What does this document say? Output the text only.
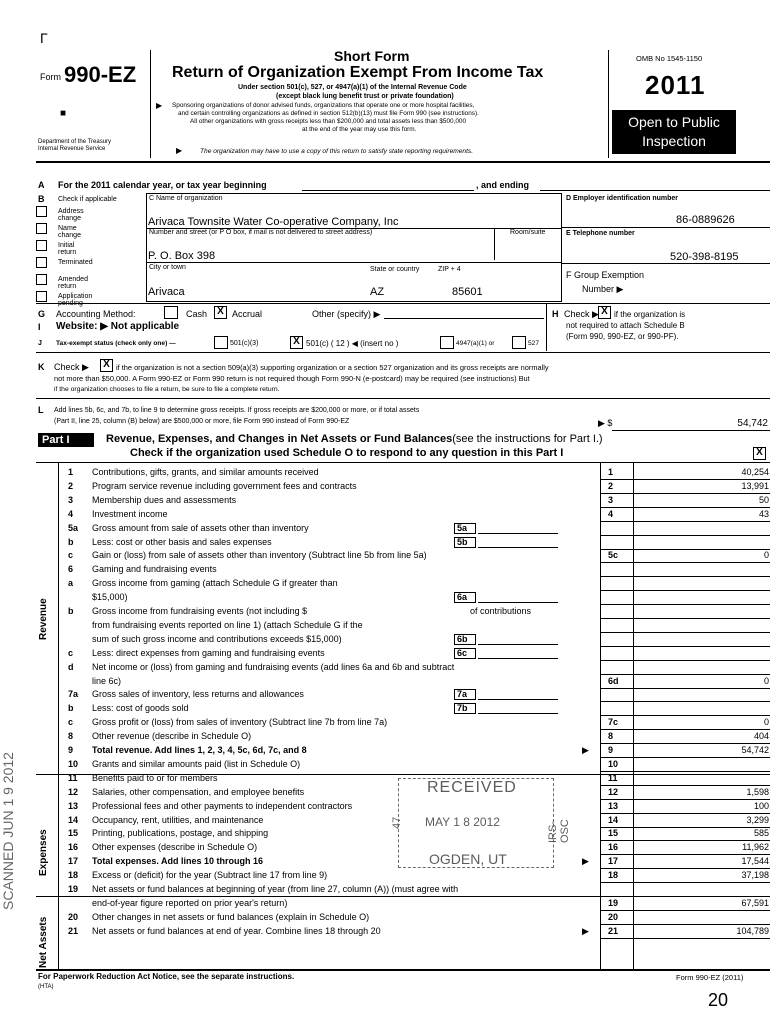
Γ
Form 990-EZ
■
Department of the Treasury
Internal Revenue Service
Short Form
Return of Organization Exempt From Income Tax
Under section 501(c), 527, or 4947(a)(1) of the Internal Revenue Code
(except black lung benefit trust or private foundation)
▶ Sponsoring organizations of donor advised funds, organizations that operate one or more hospital facilities,
and certain controlling organizations as defined in section 512(b)(13) must file Form 990 (see instructions).
All other organizations with gross receipts less than $200,000 and total assets less than $500,000
at the end of the year may use this form.
▶	The organization may have to use a copy of this return to satisfy state reporting requirements.
OMB No 1545-1150
2011
Open to Public
Inspection
A For the 2011 calendar year, or tax year beginning	, and ending
B Check if applicable
Address change
Name change
Initial return
Terminated
Amended return
Application pending
C Name of organization
Arivaca Townsite Water Co-operative Company, Inc
Number and street (or P O box, if mail is not delivered to street address)	Room/suite
P. O. Box 398
City or town	State or country	ZIP + 4
Arivaca	AZ	85601
D Employer identification number
86-0889626
E Telephone number
520-398-8195
F Group Exemption
Number ▶
G Accounting Method:	Cash	X Accrual	Other (specify) ▶
I Website: ▶ Not applicable
J Tax-exempt status (check only one) —	501(c)(3)	X 501(c) ( 12 ) ◀ (insert no )	4947(a)(1) or	527
H Check ▶ X if the organization is
not required to attach Schedule B
(Form 990, 990-EZ, or 990-PF).
K Check ▶	X if the organization is not a section 509(a)(3) supporting organization or a section 527 organization and its gross receipts are normally
not more than $50,000. A Form 990-EZ or Form 990 return is not required though Form 990-N (e-postcard) may be required (see instructions) But
if the organization chooses to file a return, be sure to file a complete return.
L Add lines 5b, 6c, and 7b, to line 9 to determine gross receipts. If gross receipts are $200,000 or more, or if total assets
(Part II, line 25, column (B) below) are $500,000 or more, file Form 990 instead of Form 990-EZ	▶ $	54,742
Part I	Revenue, Expenses, and Changes in Net Assets or Fund Balances(see the instructions for Part I.)
Check if the organization used Schedule O to respond to any question in this Part I	X
Revenue
Expenses
Net Assets
1	Contributions, gifts, grants, and similar amounts received	1	40,254
2	Program service revenue including government fees and contracts	2	13,991
3	Membership dues and assessments	3	50
4	Investment income	4	43
5a	Gross amount from sale of assets other than inventory	5a
b	Less: cost or other basis and sales expenses	5b
c	Gain or (loss) from sale of assets other than inventory (Subtract line 5b from line 5a)	5c	0
6	Gaming and fundraising events
a	Gross income from gaming (attach Schedule G if greater than
$15,000)	6a
b	Gross income from fundraising events (not including $	of contributions
from fundraising events reported on line 1) (attach Schedule G if the
sum of such gross income and contributions exceeds $15,000)	6b
c	Less: direct expenses from gaming and fundraising events	6c
d	Net income or (loss) from gaming and fundraising events (add lines 6a and 6b and subtract
line 6c)	6d	0
7a	Gross sales of inventory, less returns and allowances	7a
b	Less: cost of goods sold	7b
c	Gross profit or (loss) from sales of inventory (Subtract line 7b from line 7a)	7c	0
8	Other revenue (describe in Schedule O)	8	404
9	Total revenue. Add lines 1, 2, 3, 4, 5c, 6d, 7c, and 8	▶ 9	54,742
10	Grants and similar amounts paid (list in Schedule O)	10
11	Benefits paid to or for members	11
12	Salaries, other compensation, and employee benefits	12	1,598
13	Professional fees and other payments to independent contractors	13	100
14	Occupancy, rent, utilities, and maintenance	14	3,299
15	Printing, publications, postage, and shipping	15	585
16	Other expenses (describe in Schedule O)	16	11,962
17	Total expenses. Add lines 10 through 16	▶ 17	17,544
18	Excess or (deficit) for the year (Subtract line 17 from line 9)	18	37,198
19	Net assets or fund balances at beginning of year (from line 27, column (A)) (must agree with
end-of-year figure reported on prior year's return)	19	67,591
20	Other changes in net assets or fund balances (explain in Schedule O)	20
21	Net assets or fund balances at end of year. Combine lines 18 through 20	▶ 21	104,789
For Paperwork Reduction Act Notice, see the separate instructions.
(HTA)
Form 990-EZ (2011)
20
RECEIVED
MAY 1 8 2012
OGDEN, UT
IRS-OSC
47
SCANNED JUN 1 9 2012
